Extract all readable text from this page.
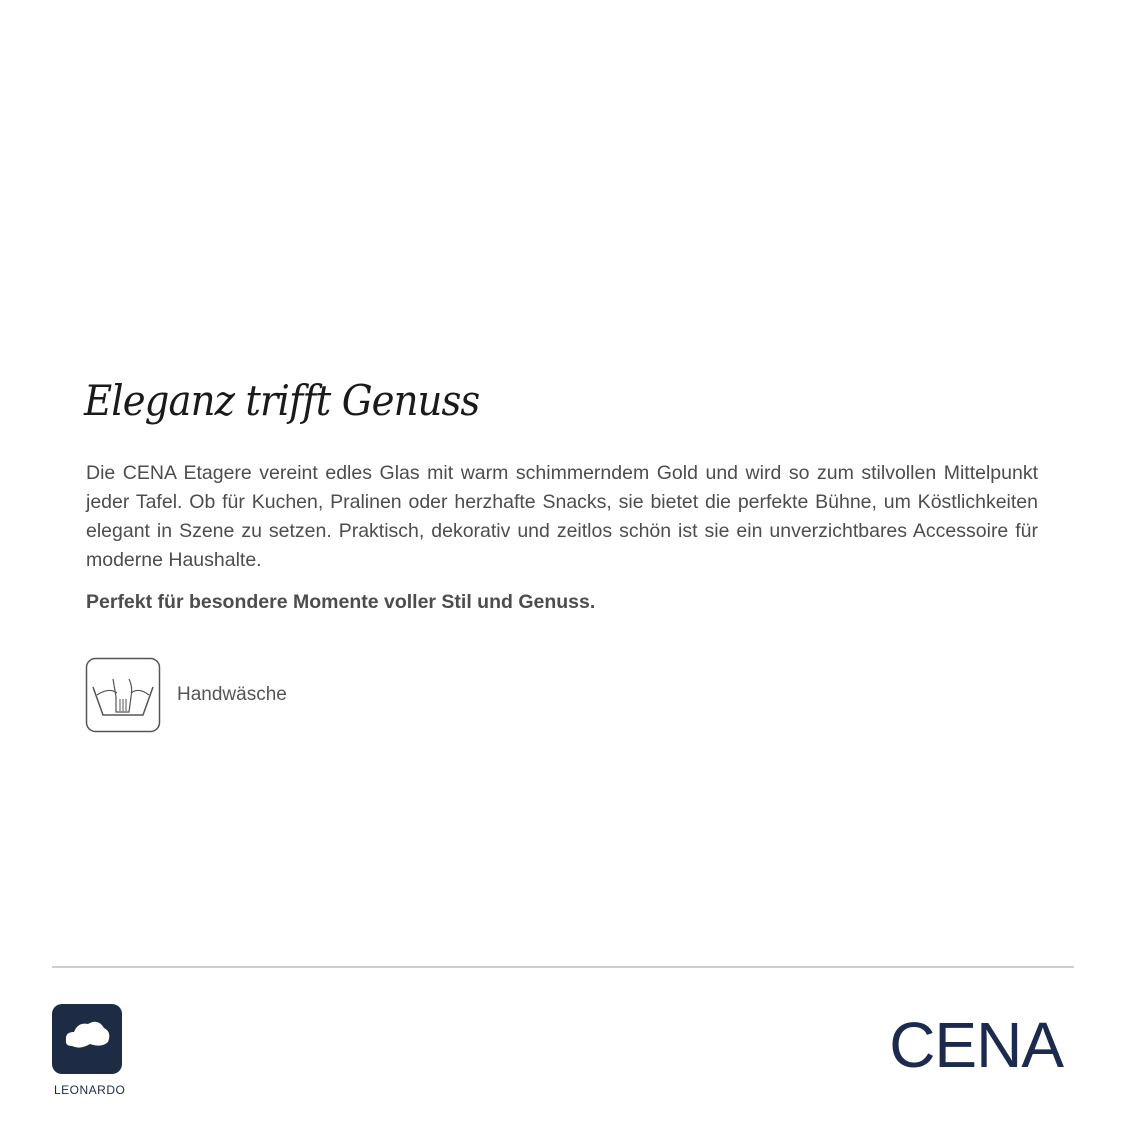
Eleganz trifft Genuss
Die CENA Etagere vereint edles Glas mit warm schimmerndem Gold und wird so zum stilvollen Mittelpunkt jeder Tafel. Ob für Kuchen, Pralinen oder herzhafte Snacks, sie bietet die perfekte Bühne, um Köstlichkeiten elegant in Szene zu setzen. Praktisch, dekorativ und zeitlos schön ist sie ein unverzichtbares Accessoire für moderne Haushalte.
Perfekt für besondere Momente voller Stil und Genuss.
Handwäsche
LEONARDO
CENA
